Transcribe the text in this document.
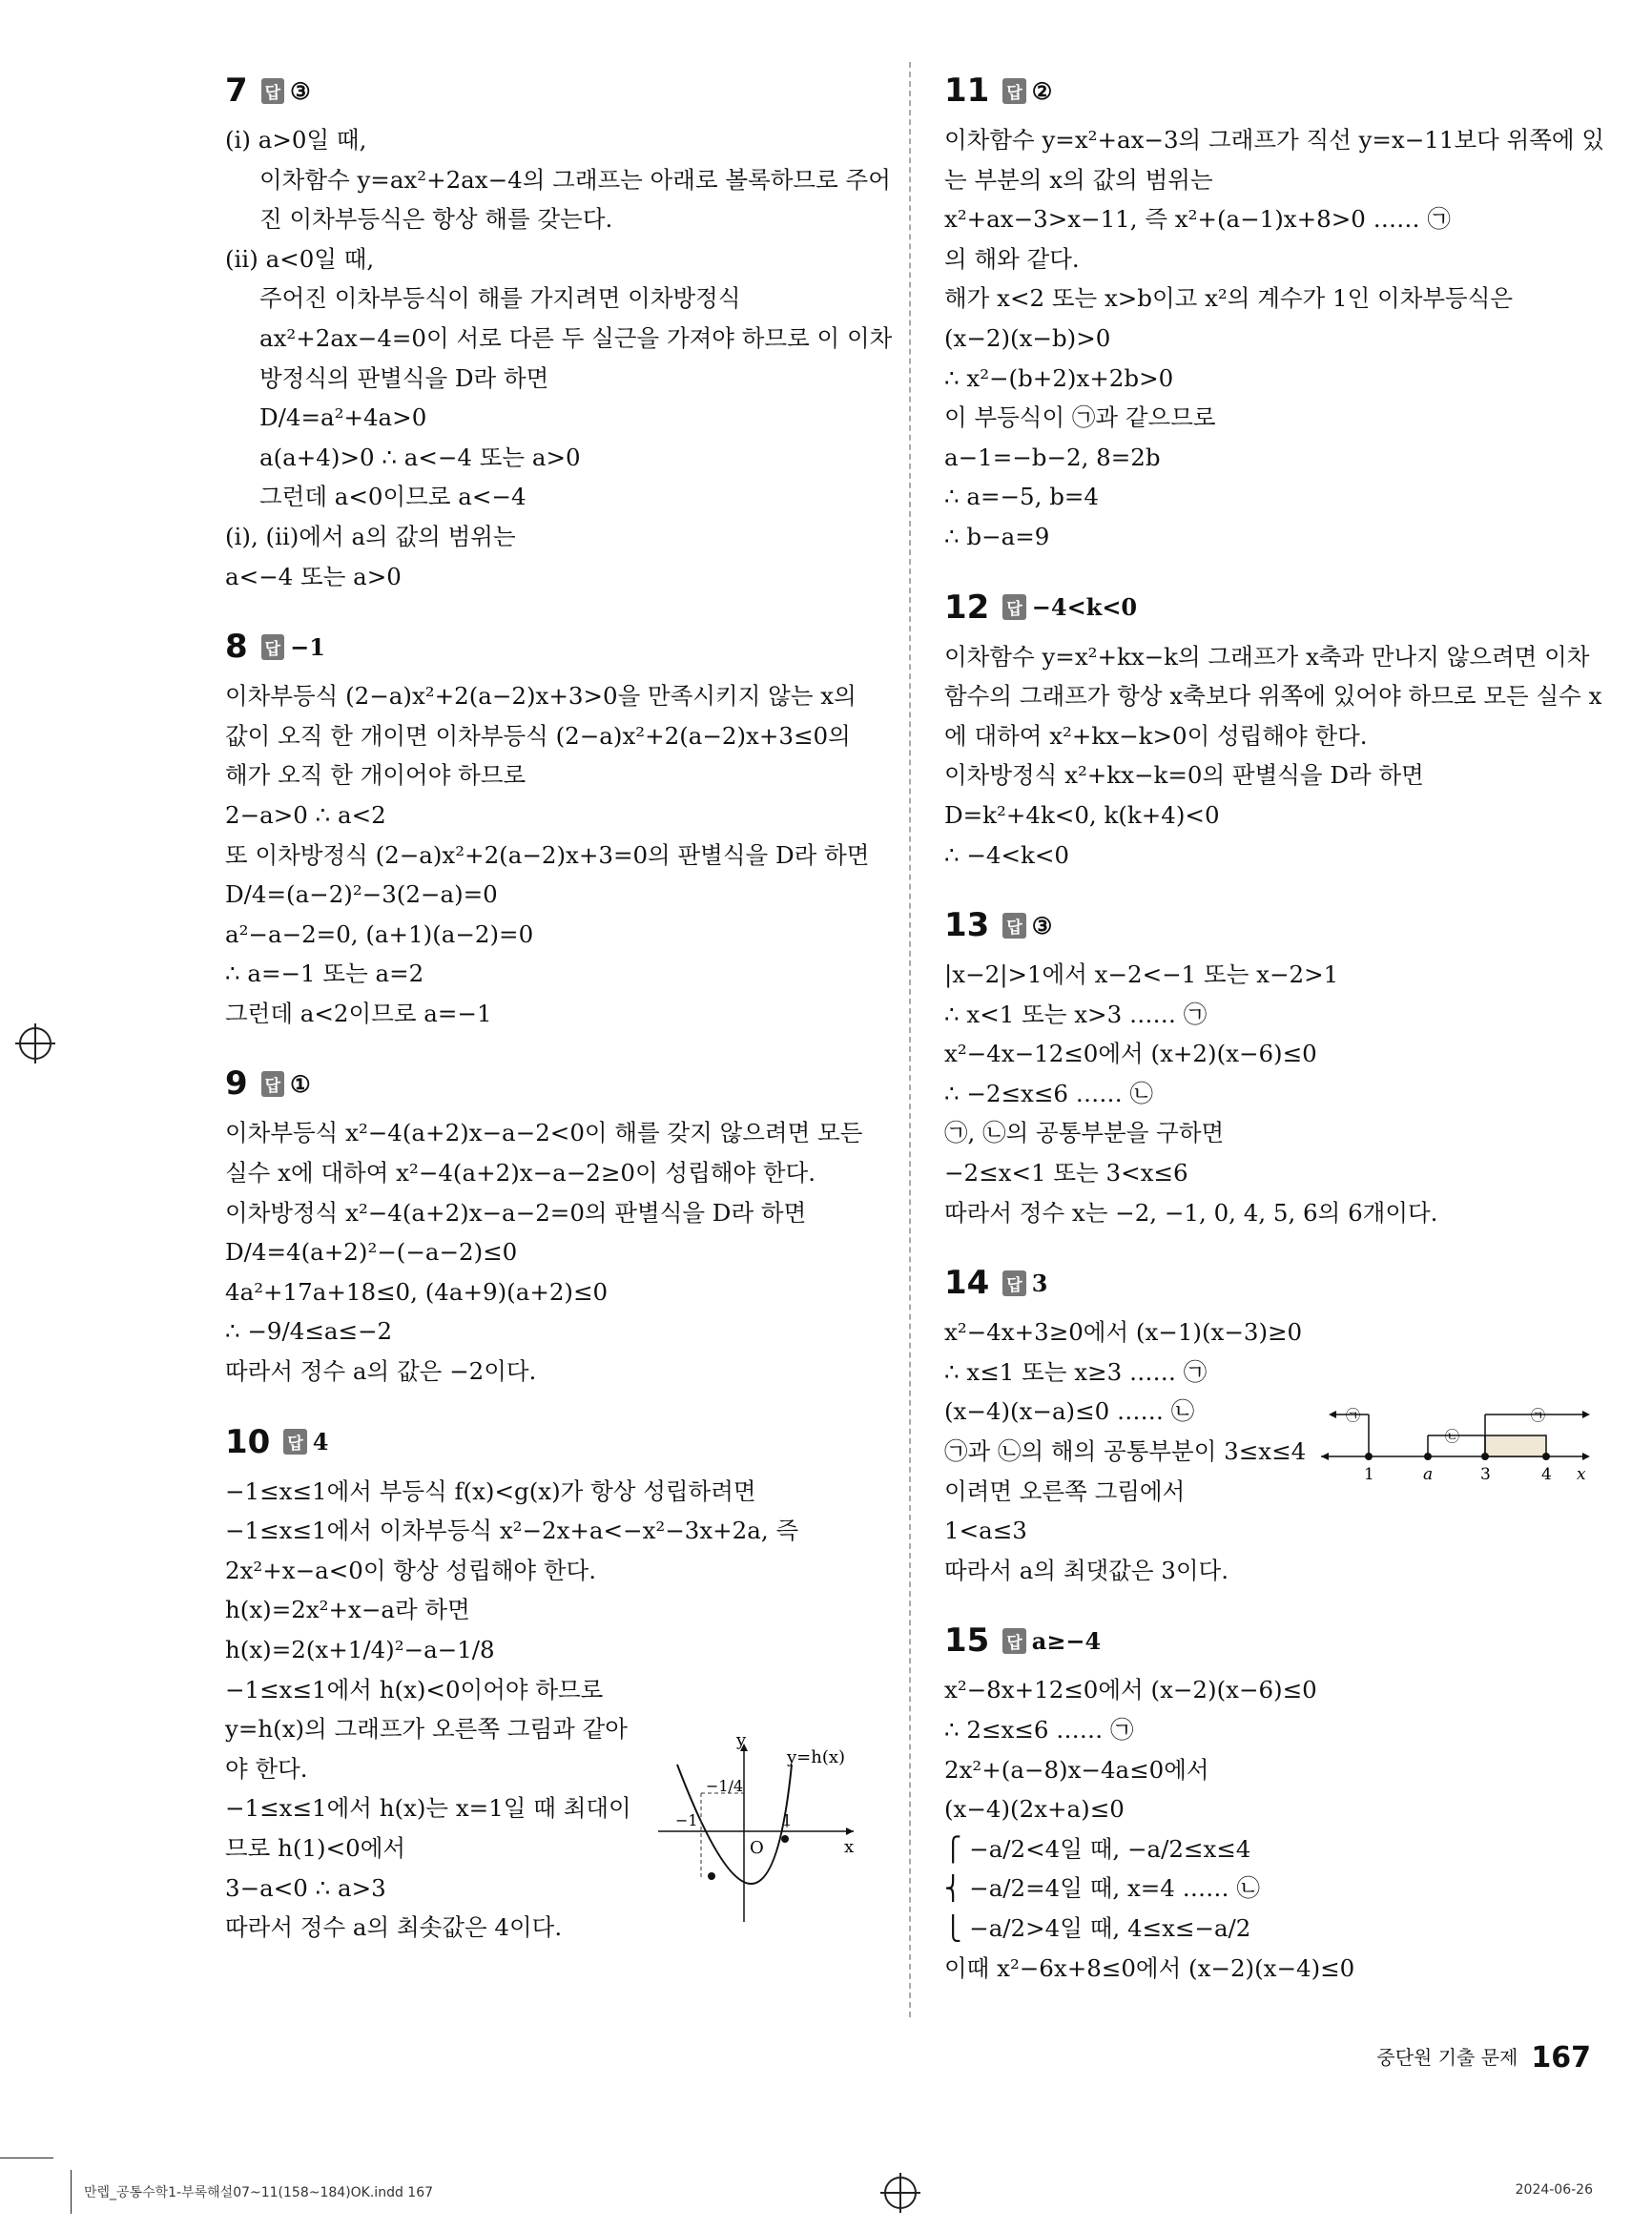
7 답 ③
(ⅰ) a>0일 때,
이차함수 y=ax²+2ax−4의 그래프는 아래로 볼록하므로 주어
진 이차부등식은 항상 해를 갖는다.
(ⅱ) a<0일 때,
주어진 이차부등식이 해를 가지려면 이차방정식
ax²+2ax−4=0이 서로 다른 두 실근을 가져야 하므로 이 이차
방정식의 판별식을 D라 하면
D/4=a²+4a>0
a(a+4)>0 ∴ a<−4 또는 a>0
그런데 a<0이므로 a<−4
(ⅰ), (ⅱ)에서 a의 값의 범위는
a<−4 또는 a>0
8 답 −1
이차부등식 (2−a)x²+2(a−2)x+3>0을 만족시키지 않는 x의
값이 오직 한 개이면 이차부등식 (2−a)x²+2(a−2)x+3≤0의
해가 오직 한 개이어야 하므로
2−a>0 ∴ a<2
또 이차방정식 (2−a)x²+2(a−2)x+3=0의 판별식을 D라 하면
D/4=(a−2)²−3(2−a)=0
a²−a−2=0, (a+1)(a−2)=0
∴ a=−1 또는 a=2
그런데 a<2이므로 a=−1
9 답 ①
이차부등식 x²−4(a+2)x−a−2<0이 해를 갖지 않으려면 모든
실수 x에 대하여 x²−4(a+2)x−a−2≥0이 성립해야 한다.
이차방정식 x²−4(a+2)x−a−2=0의 판별식을 D라 하면
D/4=4(a+2)²−(−a−2)≤0
4a²+17a+18≤0, (4a+9)(a+2)≤0
∴ −9/4≤a≤−2
따라서 정수 a의 값은 −2이다.
10 답 4
−1≤x≤1에서 부등식 f(x)<g(x)가 항상 성립하려면
−1≤x≤1에서 이차부등식 x²−2x+a<−x²−3x+2a, 즉
2x²+x−a<0이 항상 성립해야 한다.
h(x)=2x²+x−a라 하면
h(x)=2(x+1/4)²−a−1/8
−1≤x≤1에서 h(x)<0이어야 하므로
y=h(x)의 그래프가 오른쪽 그림과 같아
야 한다.
−1≤x≤1에서 h(x)는 x=1일 때 최대이
므로 h(1)<0에서
3−a<0 ∴ a>3
따라서 정수 a의 최솟값은 4이다.
11 답 ②
이차함수 y=x²+ax−3의 그래프가 직선 y=x−11보다 위쪽에 있
는 부분의 x의 값의 범위는
x²+ax−3>x−11, 즉 x²+(a−1)x+8>0 …… ㉠
의 해와 같다.
해가 x<2 또는 x>b이고 x²의 계수가 1인 이차부등식은
(x−2)(x−b)>0
∴ x²−(b+2)x+2b>0
이 부등식이 ㉠과 같으므로
a−1=−b−2, 8=2b
∴ a=−5, b=4
∴ b−a=9
12 답 −4<k<0
이차함수 y=x²+kx−k의 그래프가 x축과 만나지 않으려면 이차
함수의 그래프가 항상 x축보다 위쪽에 있어야 하므로 모든 실수 x
에 대하여 x²+kx−k>0이 성립해야 한다.
이차방정식 x²+kx−k=0의 판별식을 D라 하면
D=k²+4k<0, k(k+4)<0
∴ −4<k<0
13 답 ③
|x−2|>1에서 x−2<−1 또는 x−2>1
∴ x<1 또는 x>3 …… ㉠
x²−4x−12≤0에서 (x+2)(x−6)≤0
∴ −2≤x≤6 …… ㉡
㉠, ㉡의 공통부분을 구하면
−2≤x<1 또는 3<x≤6
따라서 정수 x는 −2, −1, 0, 4, 5, 6의 6개이다.
14 답 3
x²−4x+3≥0에서 (x−1)(x−3)≥0
∴ x≤1 또는 x≥3 …… ㉠
(x−4)(x−a)≤0 …… ㉡
㉠과 ㉡의 해의 공통부분이 3≤x≤4
이려면 오른쪽 그림에서
1<a≤3
따라서 a의 최댓값은 3이다.
15 답 a≥−4
x²−8x+12≤0에서 (x−2)(x−6)≤0
∴ 2≤x≤6 …… ㉠
2x²+(a−8)x−4a≤0에서
(x−4)(2x+a)≤0
⎧ −a/2<4일 때, −a/2≤x≤4
⎨ −a/2=4일 때, x=4 …… ㉡
⎩ −a/2>4일 때, 4≤x≤−a/2
이때 x²−6x+8≤0에서 (x−2)(x−4)≤0
y
x
O
y=h(x)
−1/4
−1	1
㉠
㉡
㉠
1	a	3	4 x
중단원 기출 문제 167
만렙_공통수학1-부록해설07~11(158~184)OK.indd 167	2024-06-26
